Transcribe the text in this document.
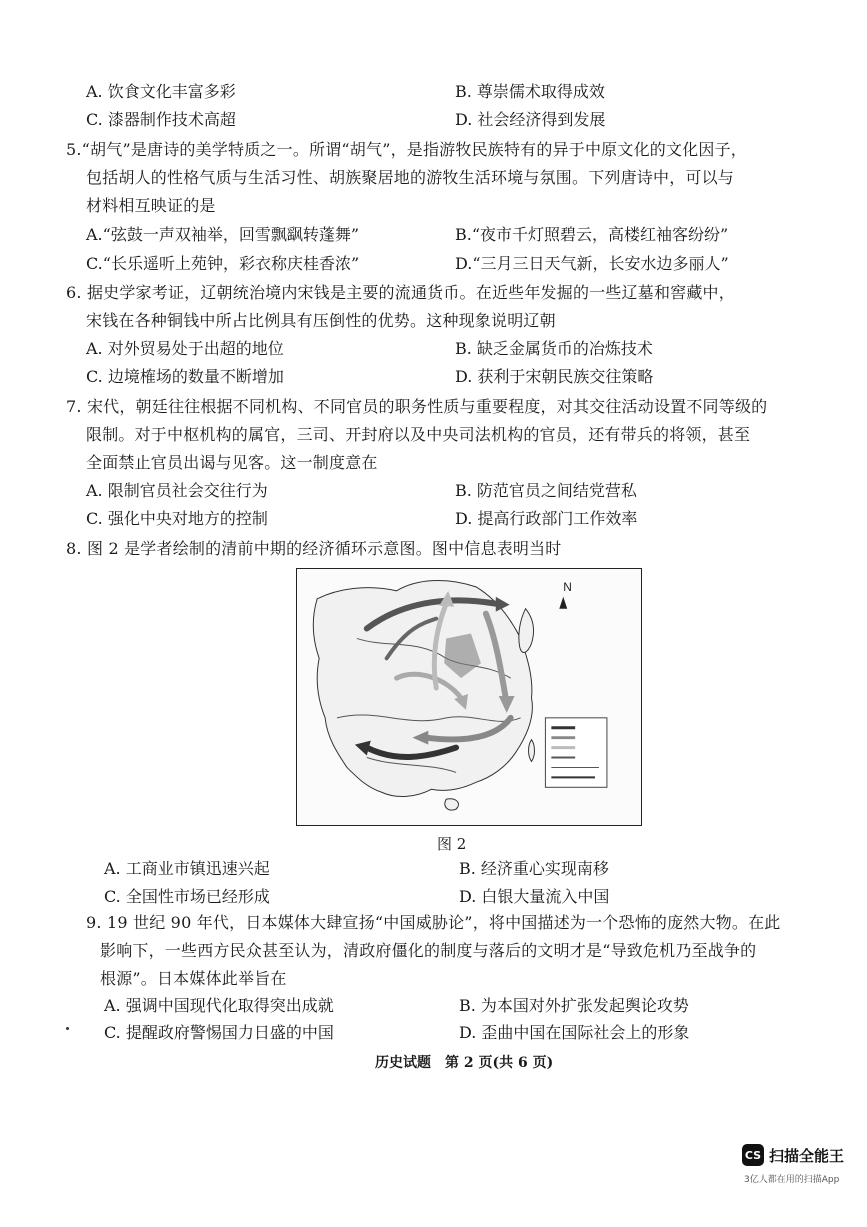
A. 饮食文化丰富多彩	B. 尊崇儒术取得成效
C. 漆器制作技术高超	D. 社会经济得到发展
5.“胡气”是唐诗的美学特质之一。所谓“胡气”，是指游牧民族特有的异于中原文化的文化因子，
包括胡人的性格气质与生活习性、胡族聚居地的游牧生活环境与氛围。下列唐诗中，可以与
材料相互映证的是
A.“弦鼓一声双袖举，回雪飘飖转蓬舞”	B.“夜市千灯照碧云，高楼红袖客纷纷”
C.“长乐遥听上苑钟，彩衣称庆桂香浓”	D.“三月三日天气新，长安水边多丽人”
6. 据史学家考证，辽朝统治境内宋钱是主要的流通货币。在近些年发掘的一些辽墓和窖藏中，
宋钱在各种铜钱中所占比例具有压倒性的优势。这种现象说明辽朝
A. 对外贸易处于出超的地位	B. 缺乏金属货币的冶炼技术
C. 边境榷场的数量不断增加	D. 获利于宋朝民族交往策略
7. 宋代，朝廷往往根据不同机构、不同官员的职务性质与重要程度，对其交往活动设置不同等级的
限制。对于中枢机构的属官，三司、开封府以及中央司法机构的官员，还有带兵的将领，甚至
全面禁止官员出谒与见客。这一制度意在
A. 限制官员社会交往行为	B. 防范官员之间结党营私
C. 强化中央对地方的控制	D. 提高行政部门工作效率
8. 图 2 是学者绘制的清前中期的经济循环示意图。图中信息表明当时
N
图 2
A. 工商业市镇迅速兴起	B. 经济重心实现南移
C. 全国性市场已经形成	D. 白银大量流入中国
9. 19 世纪 90 年代，日本媒体大肆宣扬“中国威胁论”，将中国描述为一个恐怖的庞然大物。在此
影响下，一些西方民众甚至认为，清政府僵化的制度与落后的文明才是“导致危机乃至战争的
根源”。日本媒体此举旨在
A. 强调中国现代化取得突出成就	B. 为本国对外扩张发起舆论攻势
C. 提醒政府警惕国力日盛的中国	D. 歪曲中国在国际社会上的形象
历史试题　第 2 页(共 6 页)
CS 扫描全能王
3亿人都在用的扫描App
